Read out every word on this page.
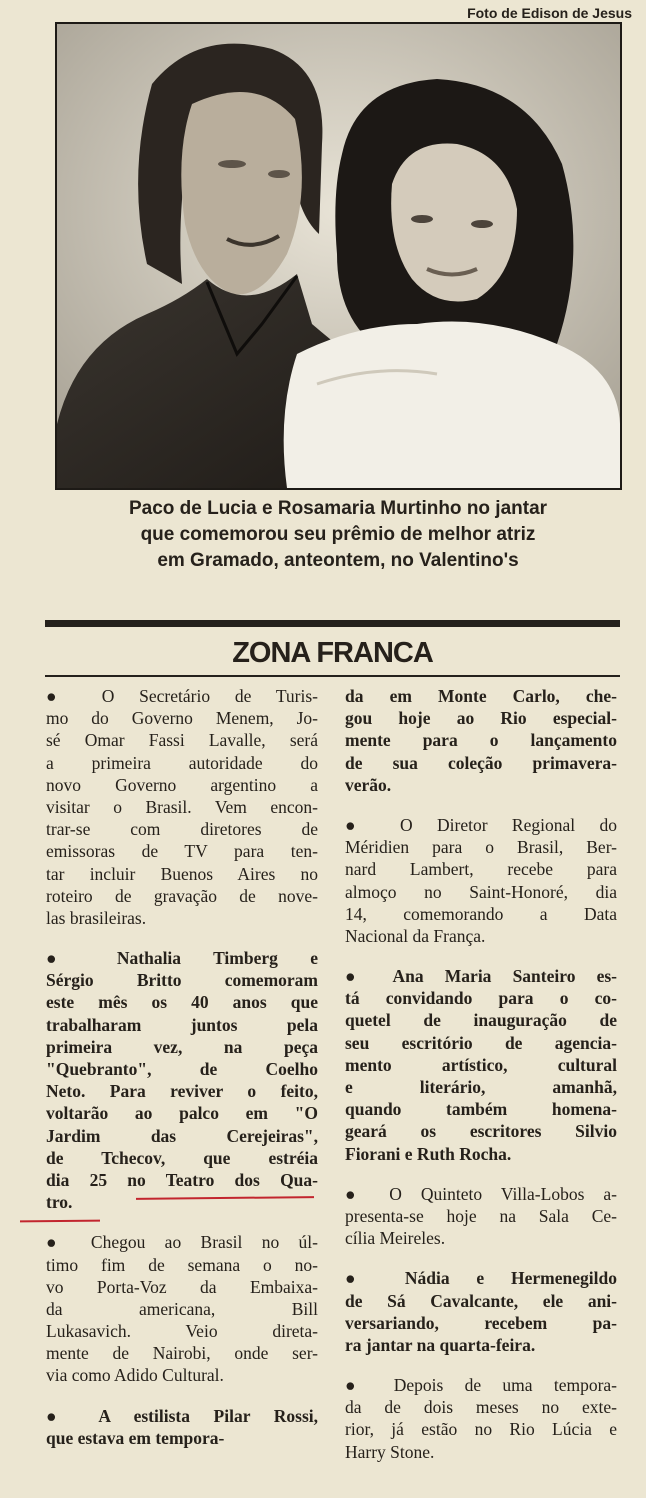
Foto de Edison de Jesus
Paco de Lucia e Rosamaria Murtinho no jantar
que comemorou seu prêmio de melhor atriz
em Gramado, anteontem, no Valentino's
ZONA FRANCA
● O Secretário de Turis-
mo do Governo Menem, Jo-
sé Omar Fassi Lavalle, será
a primeira autoridade do
novo Governo argentino a
visitar o Brasil. Vem encon-
trar-se com diretores de
emissoras de TV para ten-
tar incluir Buenos Aires no
roteiro de gravação de nove-
las brasileiras.
● Nathalia Timberg e
Sérgio Britto comemoram
este mês os 40 anos que
trabalharam juntos pela
primeira vez, na peça
"Quebranto", de Coelho
Neto. Para reviver o feito,
voltarão ao palco em "O
Jardim das Cerejeiras",
de Tchecov, que estréia
dia 25 no Teatro dos Qua-
tro.
● Chegou ao Brasil no úl-
timo fim de semana o no-
vo Porta-Voz da Embaixa-
da americana, Bill
Lukasavich. Veio direta-
mente de Nairobi, onde ser-
via como Adido Cultural.
● A estilista Pilar Rossi,
que estava em tempora-
da em Monte Carlo, che-
gou hoje ao Rio especial-
mente para o lançamento
de sua coleção primavera-
verão.
● O Diretor Regional do
Méridien para o Brasil, Ber-
nard Lambert, recebe para
almoço no Saint-Honoré, dia
14, comemorando a Data
Nacional da França.
● Ana Maria Santeiro es-
tá convidando para o co-
quetel de inauguração de
seu escritório de agencia-
mento artístico, cultural
e literário, amanhã,
quando também homena-
geará os escritores Silvio
Fiorani e Ruth Rocha.
● O Quinteto Villa-Lobos a-
presenta-se hoje na Sala Ce-
cília Meireles.
● Nádia e Hermenegildo
de Sá Cavalcante, ele ani-
versariando, recebem pa-
ra jantar na quarta-feira.
● Depois de uma tempora-
da de dois meses no exte-
rior, já estão no Rio Lúcia e
Harry Stone.
